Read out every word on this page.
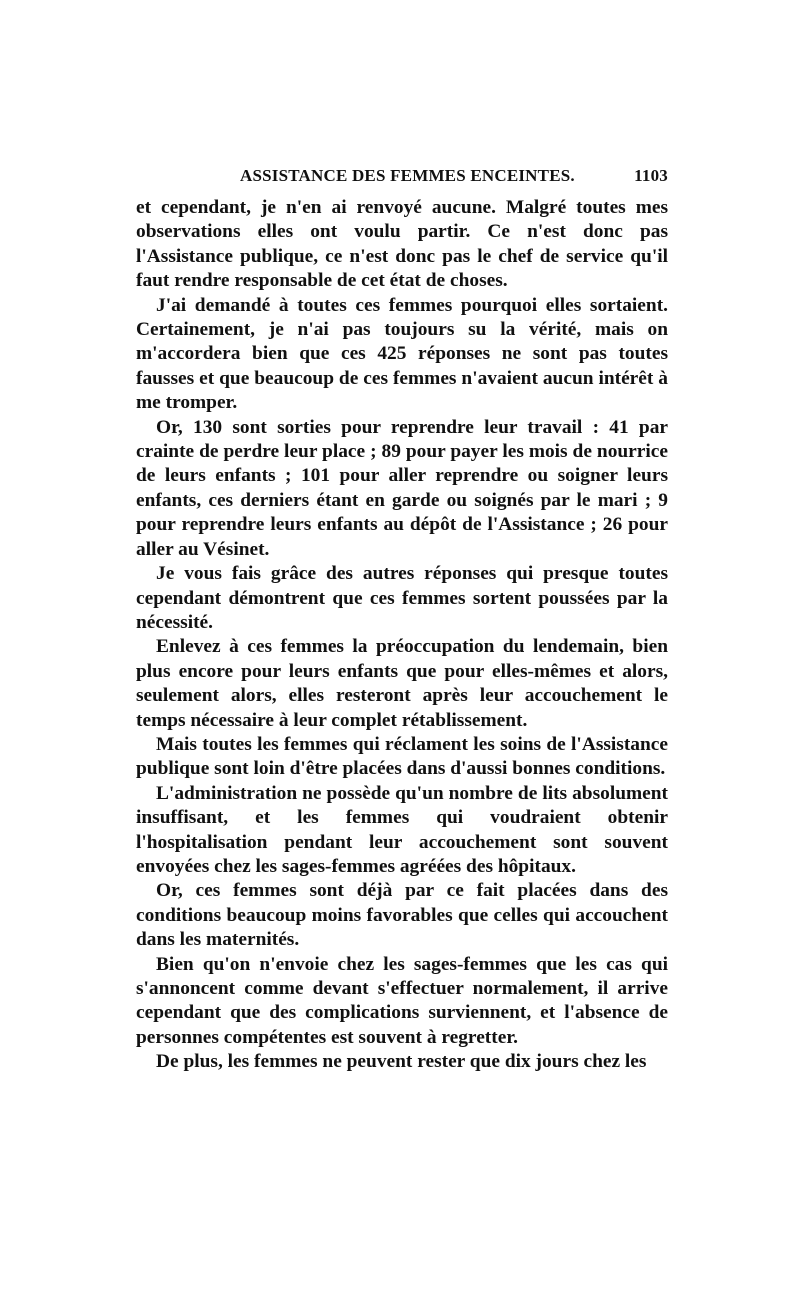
ASSISTANCE DES FEMMES ENCEINTES.	1103

et cependant, je n'en ai renvoyé aucune. Malgré toutes mes observations elles ont voulu partir. Ce n'est donc pas l'Assistance publique, ce n'est donc pas le chef de service qu'il faut rendre responsable de cet état de choses.

J'ai demandé à toutes ces femmes pourquoi elles sortaient. Certainement, je n'ai pas toujours su la vérité, mais on m'accordera bien que ces 425 réponses ne sont pas toutes fausses et que beaucoup de ces femmes n'avaient aucun intérêt à me tromper.

Or, 130 sont sorties pour reprendre leur travail : 41 par crainte de perdre leur place ; 89 pour payer les mois de nourrice de leurs enfants ; 101 pour aller reprendre ou soigner leurs enfants, ces derniers étant en garde ou soignés par le mari ; 9 pour reprendre leurs enfants au dépôt de l'Assistance ; 26 pour aller au Vésinet.

Je vous fais grâce des autres réponses qui presque toutes cependant démontrent que ces femmes sortent poussées par la nécessité.

Enlevez à ces femmes la préoccupation du lendemain, bien plus encore pour leurs enfants que pour elles-mêmes et alors, seulement alors, elles resteront après leur accouchement le temps nécessaire à leur complet rétablissement.

Mais toutes les femmes qui réclament les soins de l'Assistance publique sont loin d'être placées dans d'aussi bonnes conditions.

L'administration ne possède qu'un nombre de lits absolument insuffisant, et les femmes qui voudraient obtenir l'hospitalisation pendant leur accouchement sont souvent envoyées chez les sages-femmes agréées des hôpitaux.

Or, ces femmes sont déjà par ce fait placées dans des conditions beaucoup moins favorables que celles qui accouchent dans les maternités.

Bien qu'on n'envoie chez les sages-femmes que les cas qui s'annoncent comme devant s'effectuer normalement, il arrive cependant que des complications surviennent, et l'absence de personnes compétentes est souvent à regretter.

De plus, les femmes ne peuvent rester que dix jours chez les
